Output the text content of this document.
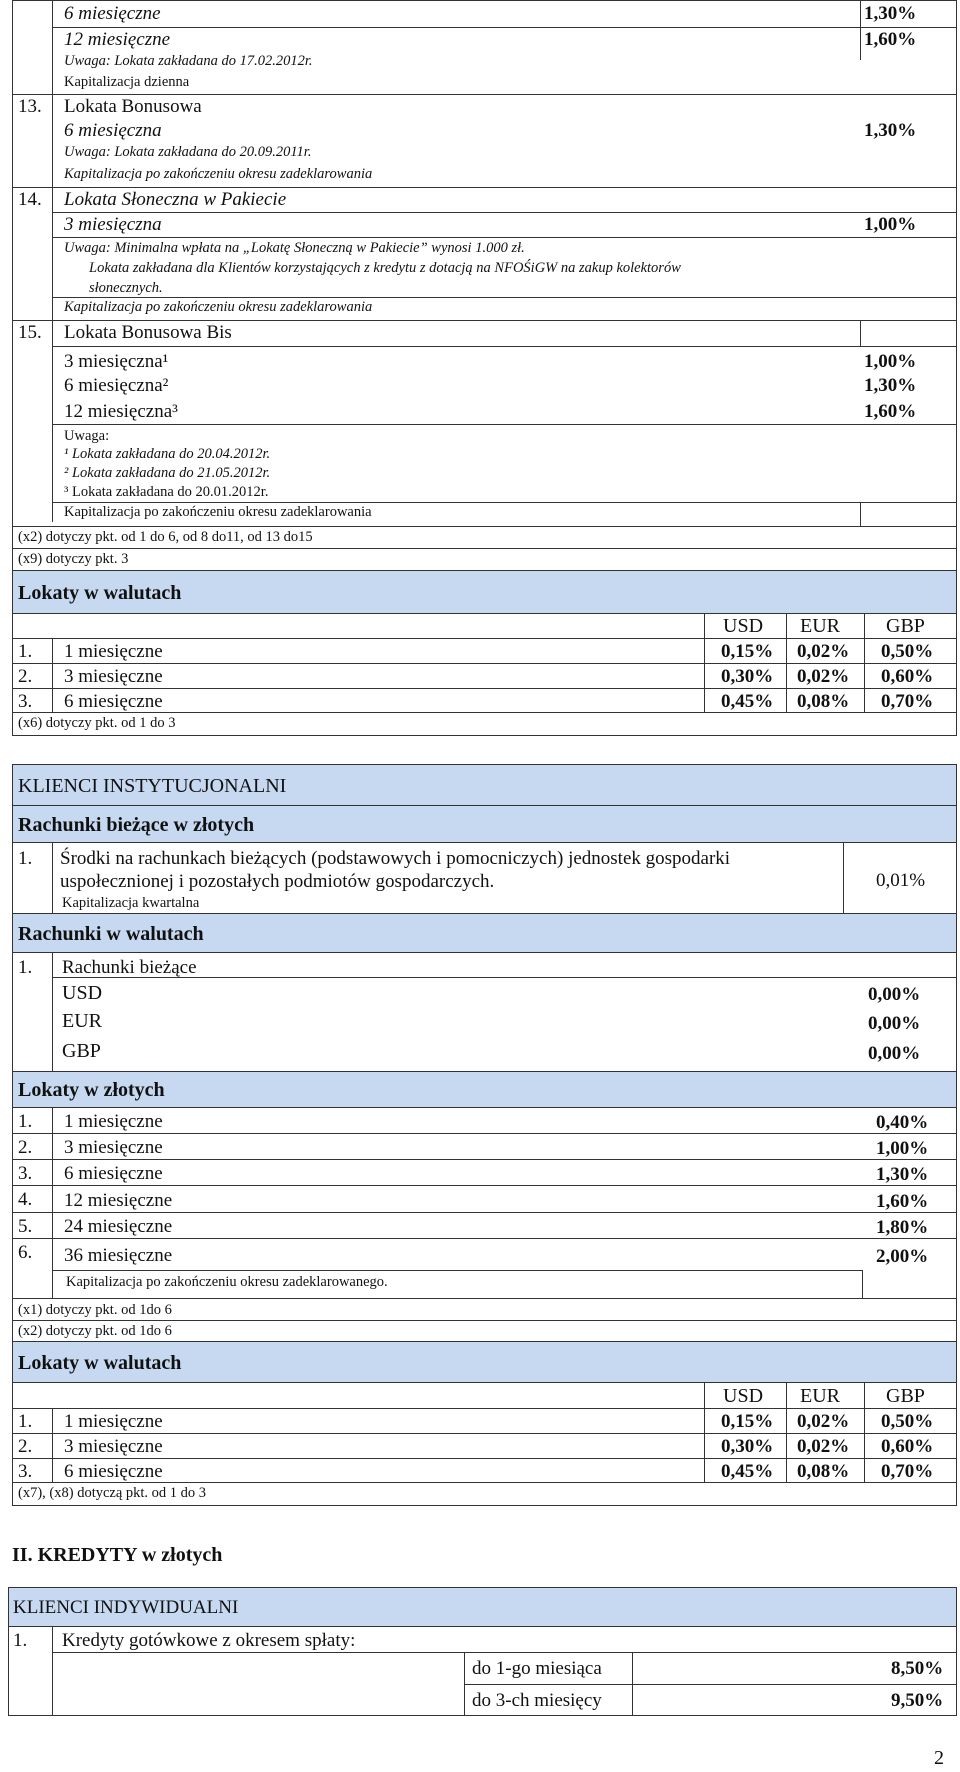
6 miesięczne	1,30%
12 miesięczne	1,60%
Uwaga: Lokata zakładana do 17.02.2012r.
Kapitalizacja dzienna
13. Lokata Bonusowa
6 miesięczna	1,30%
Uwaga: Lokata zakładana do 20.09.2011r.
Kapitalizacja po zakończeniu okresu zadeklarowania
14. Lokata Słoneczna w Pakiecie
3 miesięczna	1,00%
Uwaga: Minimalna wpłata na „Lokatę Słoneczną w Pakiecie” wynosi 1.000 zł.
Lokata zakładana dla Klientów korzystających z kredytu z dotacją na NFOŚiGW na zakup kolektorów
słonecznych.
Kapitalizacja po zakończeniu okresu zadeklarowania
15. Lokata Bonusowa Bis
3 miesięczna¹	1,00%
6 miesięczna²	1,30%
12 miesięczna³	1,60%
Uwaga:
¹ Lokata zakładana do 20.04.2012r.
² Lokata zakładana do 21.05.2012r.
³ Lokata zakładana do 20.01.2012r.
Kapitalizacja po zakończeniu okresu zadeklarowania
(x2) dotyczy pkt. od 1 do 6, od 8 do11, od 13 do15
(x9) dotyczy pkt. 3
Lokaty w walutach
USD EUR GBP
1. 1 miesięczne	0,15% 0,02% 0,50%
2. 3 miesięczne	0,30% 0,02% 0,60%
3. 6 miesięczne	0,45% 0,08% 0,70%
(x6) dotyczy pkt. od 1 do 3
KLIENCI INSTYTUCJONALNI
Rachunki bieżące w złotych
1. Środki na rachunkach bieżących (podstawowych i pomocniczych) jednostek gospodarki
uspołecznionej i pozostałych podmiotów gospodarczych.
Kapitalizacja kwartalna
0,01%
Rachunki w walutach
1. Rachunki bieżące
USD	0,00%
EUR	0,00%
GBP	0,00%
Lokaty w złotych
1. 1 miesięczne	0,40%
2. 3 miesięczne	1,00%
3. 6 miesięczne	1,30%
4. 12 miesięczne	1,60%
5. 24 miesięczne	1,80%
6. 36 miesięczne	2,00%
Kapitalizacja po zakończeniu okresu zadeklarowanego.
(x1) dotyczy pkt. od 1do 6
(x2) dotyczy pkt. od 1do 6
Lokaty w walutach
USD EUR GBP
1. 1 miesięczne	0,15% 0,02% 0,50%
2. 3 miesięczne	0,30% 0,02% 0,60%
3. 6 miesięczne	0,45% 0,08% 0,70%
(x7), (x8) dotyczą pkt. od 1 do 3
II. KREDYTY w złotych
KLIENCI INDYWIDUALNI
1. Kredyty gotówkowe z okresem spłaty:
do 1-go miesiąca	8,50%
do 3-ch miesięcy	9,50%
2
